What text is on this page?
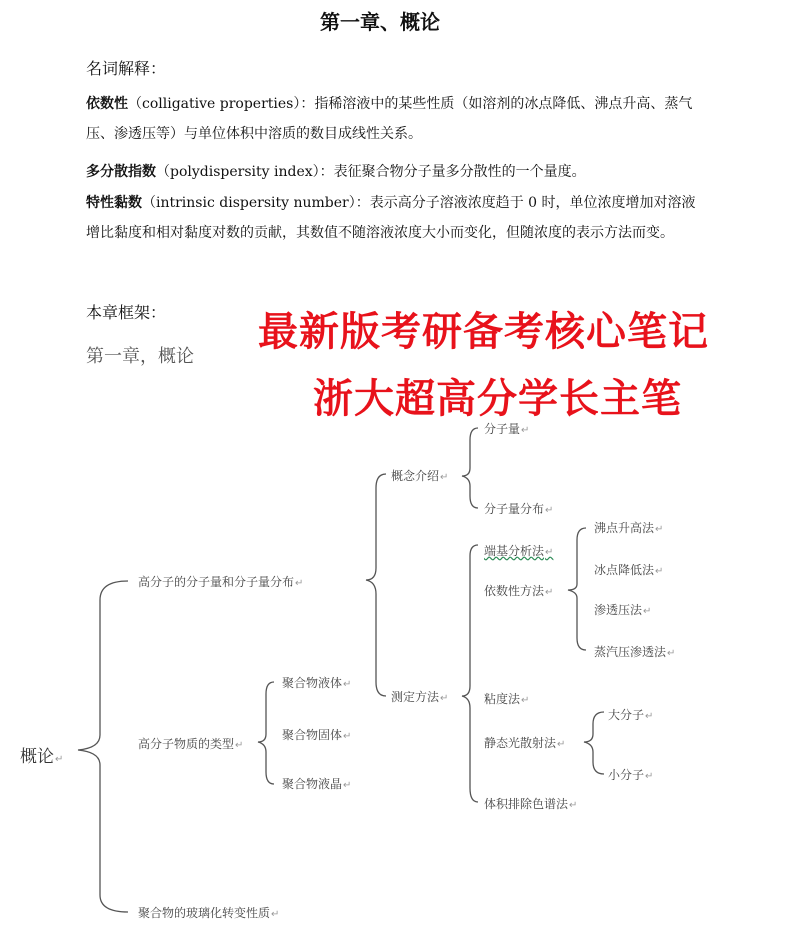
第一章、概论
名词解释：
依数性（colligative properties）：指稀溶液中的某些性质（如溶剂的冰点降低、沸点升高、蒸气压、渗透压等）与单位体积中溶质的数目成线性关系。
多分散指数（polydispersity index）：表征聚合物分子量多分散性的一个量度。
特性黏数（intrinsic dispersity number）：表示高分子溶液浓度趋于 0 时，单位浓度增加对溶液增比黏度和相对黏度对数的贡献，其数值不随溶液浓度大小而变化，但随浓度的表示方法而变。
本章框架：
第一章，概论
最新版考研备考核心笔记
浙大超高分学长主笔
概论↵
高分子的分子量和分子量分布↵
高分子物质的类型↵
聚合物的玻璃化转变性质↵
概念介绍↵
测定方法↵
分子量↵
分子量分布↵
端基分析法↵
依数性方法↵
粘度法↵
静态光散射法↵
体积排除色谱法↵
沸点升高法↵
冰点降低法↵
渗透压法↵
蒸汽压渗透法↵
大分子↵
小分子↵
聚合物液体↵
聚合物固体↵
聚合物液晶↵
